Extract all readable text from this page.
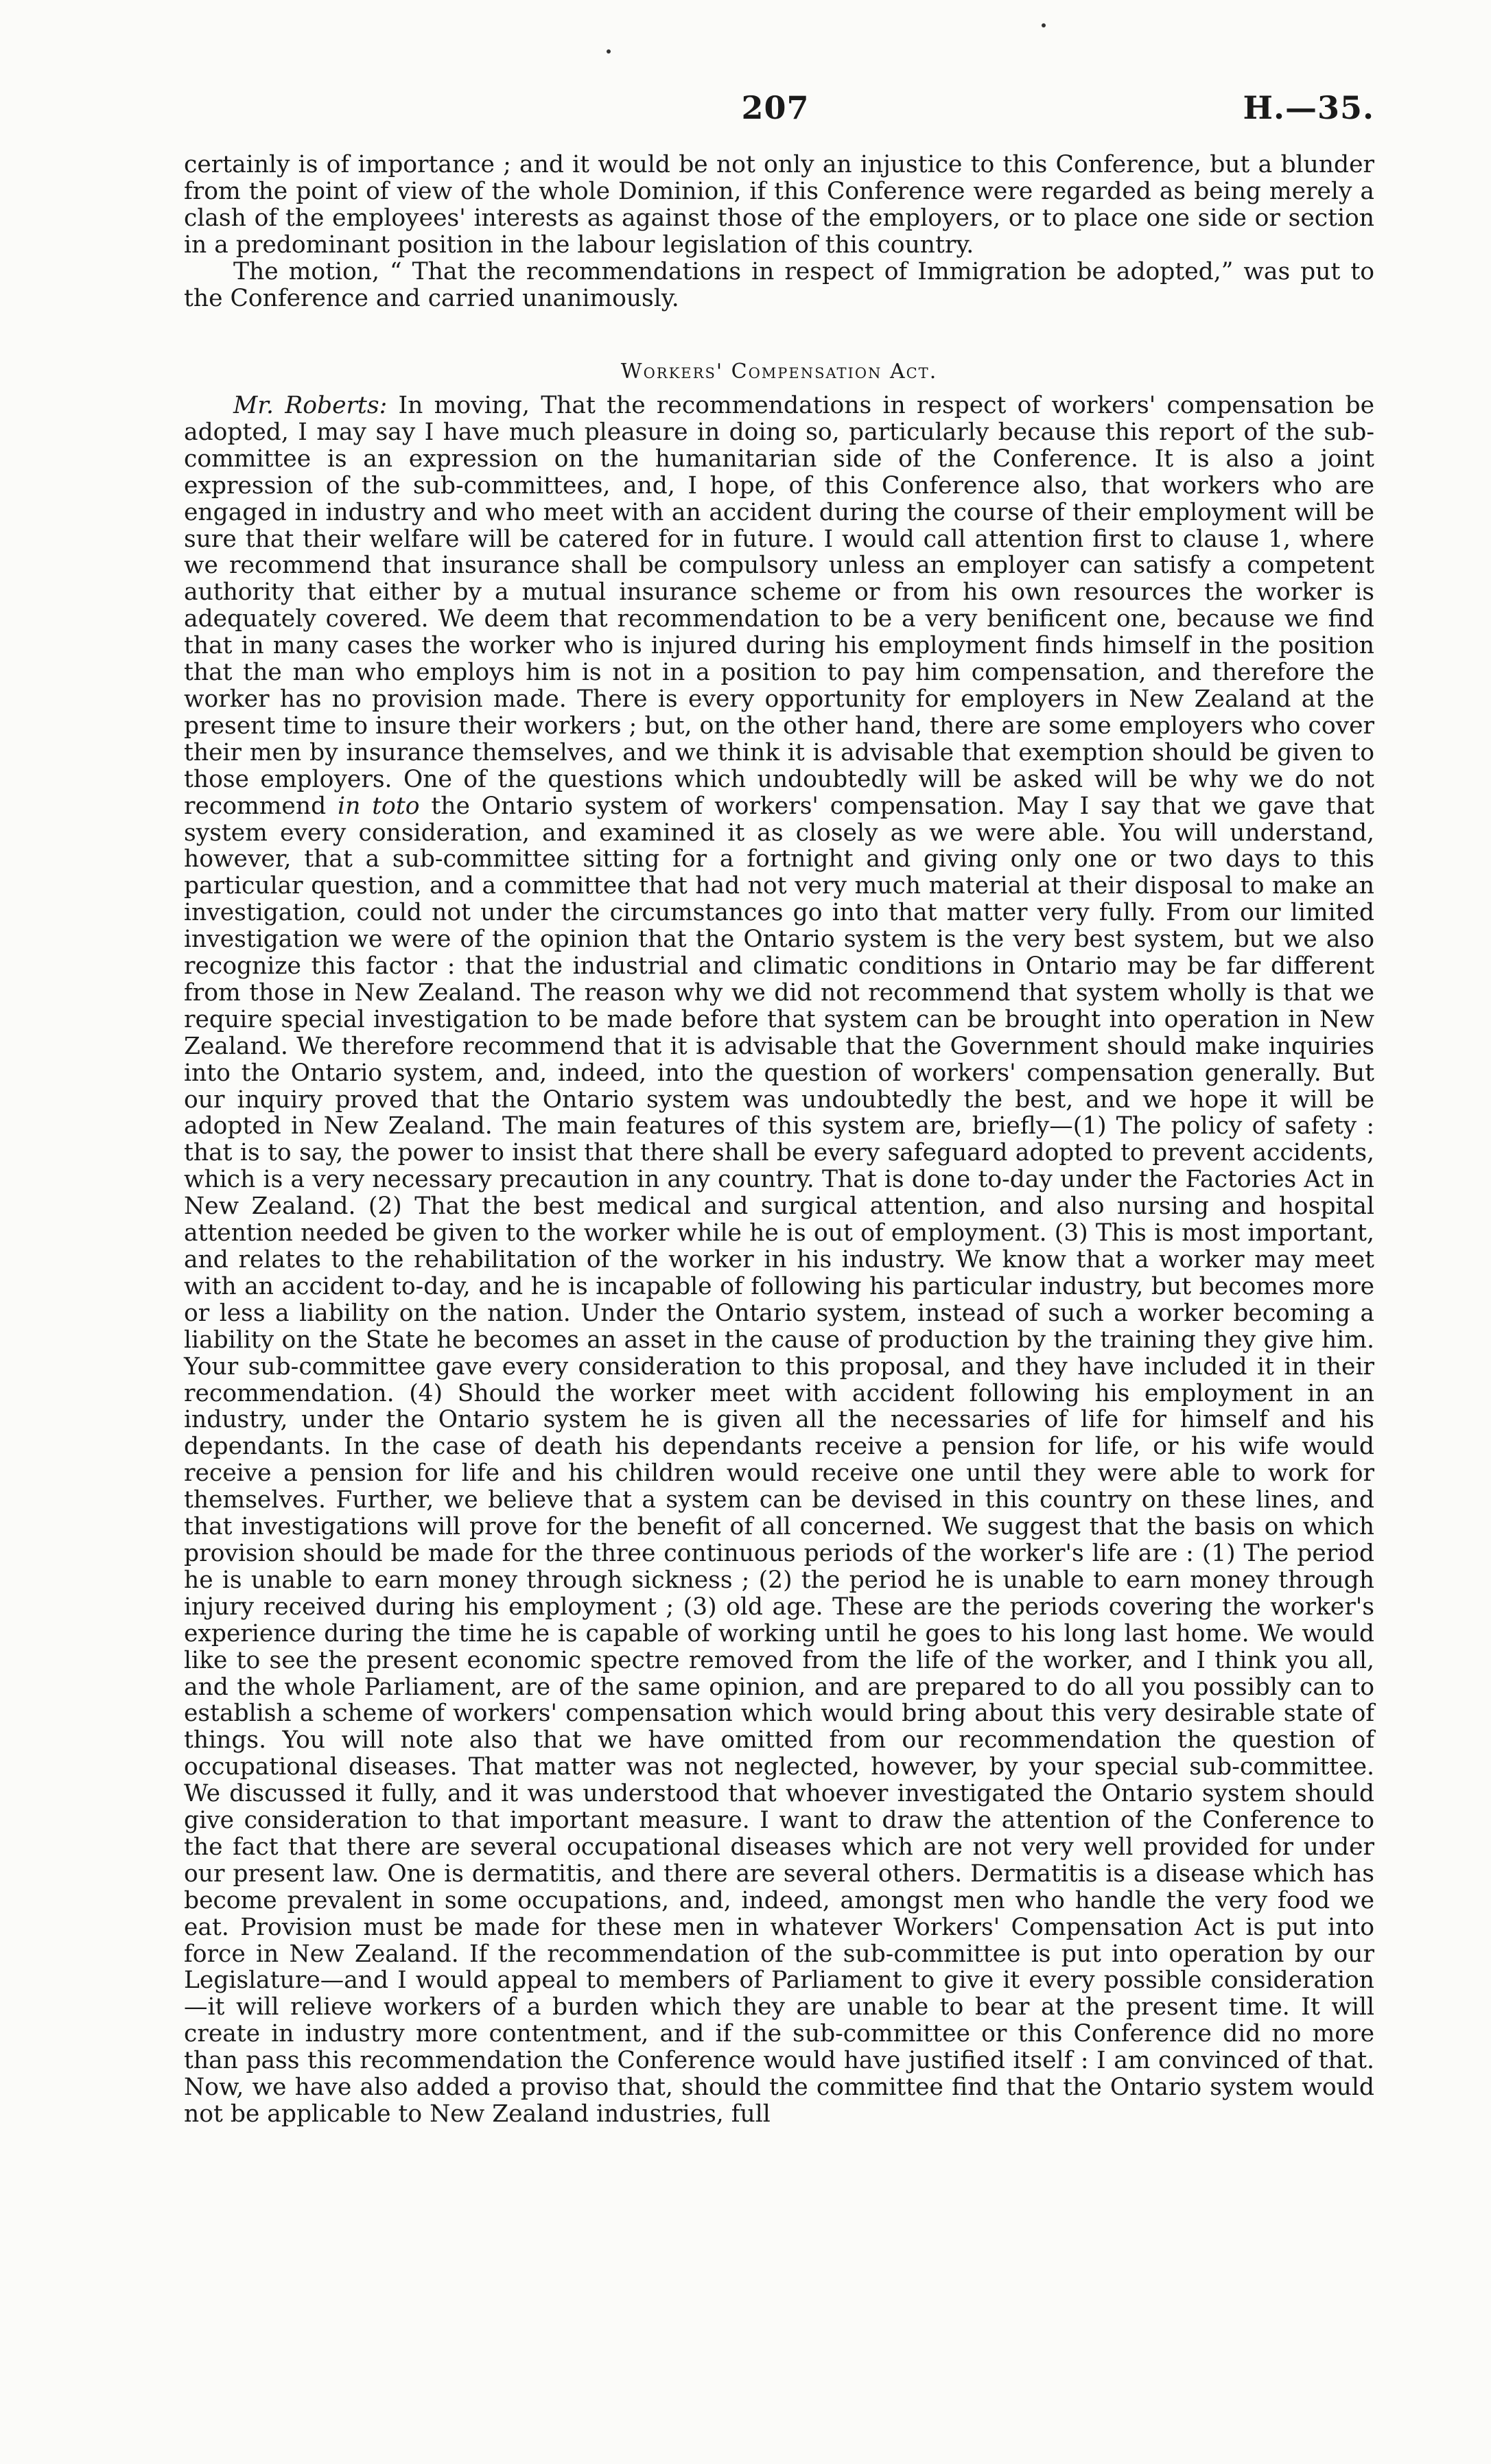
207	H.—35.

certainly is of importance ; and it would be not only an injustice to this Conference, but a blunder from the point of view of the whole Dominion, if this Conference were regarded as being merely a clash of the employees' interests as against those of the employers, or to place one side or section in a predominant position in the labour legislation of this country.

The motion, “ That the recommendations in respect of Immigration be adopted,” was put to the Conference and carried unanimously.

Workers' Compensation Act.

Mr. Roberts: In moving, That the recommendations in respect of workers' compensation be adopted, I may say I have much pleasure in doing so, particularly because this report of the sub-committee is an expression on the humanitarian side of the Conference. It is also a joint expression of the sub-committees, and, I hope, of this Conference also, that workers who are engaged in industry and who meet with an accident during the course of their employment will be sure that their welfare will be catered for in future. I would call attention first to clause 1, where we recommend that insurance shall be compulsory unless an employer can satisfy a competent authority that either by a mutual insurance scheme or from his own resources the worker is adequately covered. We deem that recommendation to be a very benificent one, because we find that in many cases the worker who is injured during his employment finds himself in the position that the man who employs him is not in a position to pay him compensation, and therefore the worker has no provision made. There is every opportunity for employers in New Zealand at the present time to insure their workers ; but, on the other hand, there are some employers who cover their men by insurance themselves, and we think it is advisable that exemption should be given to those employers. One of the questions which undoubtedly will be asked will be why we do not recommend in toto the Ontario system of workers' compensation. May I say that we gave that system every consideration, and examined it as closely as we were able. You will understand, however, that a sub-committee sitting for a fortnight and giving only one or two days to this particular question, and a committee that had not very much material at their disposal to make an investigation, could not under the circumstances go into that matter very fully. From our limited investigation we were of the opinion that the Ontario system is the very best system, but we also recognize this factor : that the industrial and climatic conditions in Ontario may be far different from those in New Zealand. The reason why we did not recommend that system wholly is that we require special investigation to be made before that system can be brought into operation in New Zealand. We therefore recommend that it is advisable that the Government should make inquiries into the Ontario system, and, indeed, into the question of workers' compensation generally. But our inquiry proved that the Ontario system was undoubtedly the best, and we hope it will be adopted in New Zealand. The main features of this system are, briefly—(1) The policy of safety : that is to say, the power to insist that there shall be every safeguard adopted to prevent accidents, which is a very necessary precaution in any country. That is done to-day under the Factories Act in New Zealand. (2) That the best medical and surgical attention, and also nursing and hospital attention needed be given to the worker while he is out of employment. (3) This is most important, and relates to the rehabilitation of the worker in his industry. We know that a worker may meet with an accident to-day, and he is incapable of following his particular industry, but becomes more or less a liability on the nation. Under the Ontario system, instead of such a worker becoming a liability on the State he becomes an asset in the cause of production by the training they give him. Your sub-committee gave every consideration to this proposal, and they have included it in their recommendation. (4) Should the worker meet with accident following his employment in an industry, under the Ontario system he is given all the necessaries of life for himself and his dependants. In the case of death his dependants receive a pension for life, or his wife would receive a pension for life and his children would receive one until they were able to work for themselves. Further, we believe that a system can be devised in this country on these lines, and that investigations will prove for the benefit of all concerned. We suggest that the basis on which provision should be made for the three continuous periods of the worker's life are : (1) The period he is unable to earn money through sickness ; (2) the period he is unable to earn money through injury received during his employment ; (3) old age. These are the periods covering the worker's experience during the time he is capable of working until he goes to his long last home. We would like to see the present economic spectre removed from the life of the worker, and I think you all, and the whole Parliament, are of the same opinion, and are prepared to do all you possibly can to establish a scheme of workers' compensation which would bring about this very desirable state of things. You will note also that we have omitted from our recommendation the question of occupational diseases. That matter was not neglected, however, by your special sub-committee. We discussed it fully, and it was understood that whoever investigated the Ontario system should give consideration to that important measure. I want to draw the attention of the Conference to the fact that there are several occupational diseases which are not very well provided for under our present law. One is dermatitis, and there are several others. Dermatitis is a disease which has become prevalent in some occupations, and, indeed, amongst men who handle the very food we eat. Provision must be made for these men in whatever Workers' Compensation Act is put into force in New Zealand. If the recommendation of the sub-committee is put into operation by our Legislature—and I would appeal to members of Parliament to give it every possible consideration—it will relieve workers of a burden which they are unable to bear at the present time. It will create in industry more contentment, and if the sub-committee or this Conference did no more than pass this recommendation the Conference would have justified itself : I am convinced of that. Now, we have also added a proviso that, should the committee find that the Ontario system would not be applicable to New Zealand industries, full
